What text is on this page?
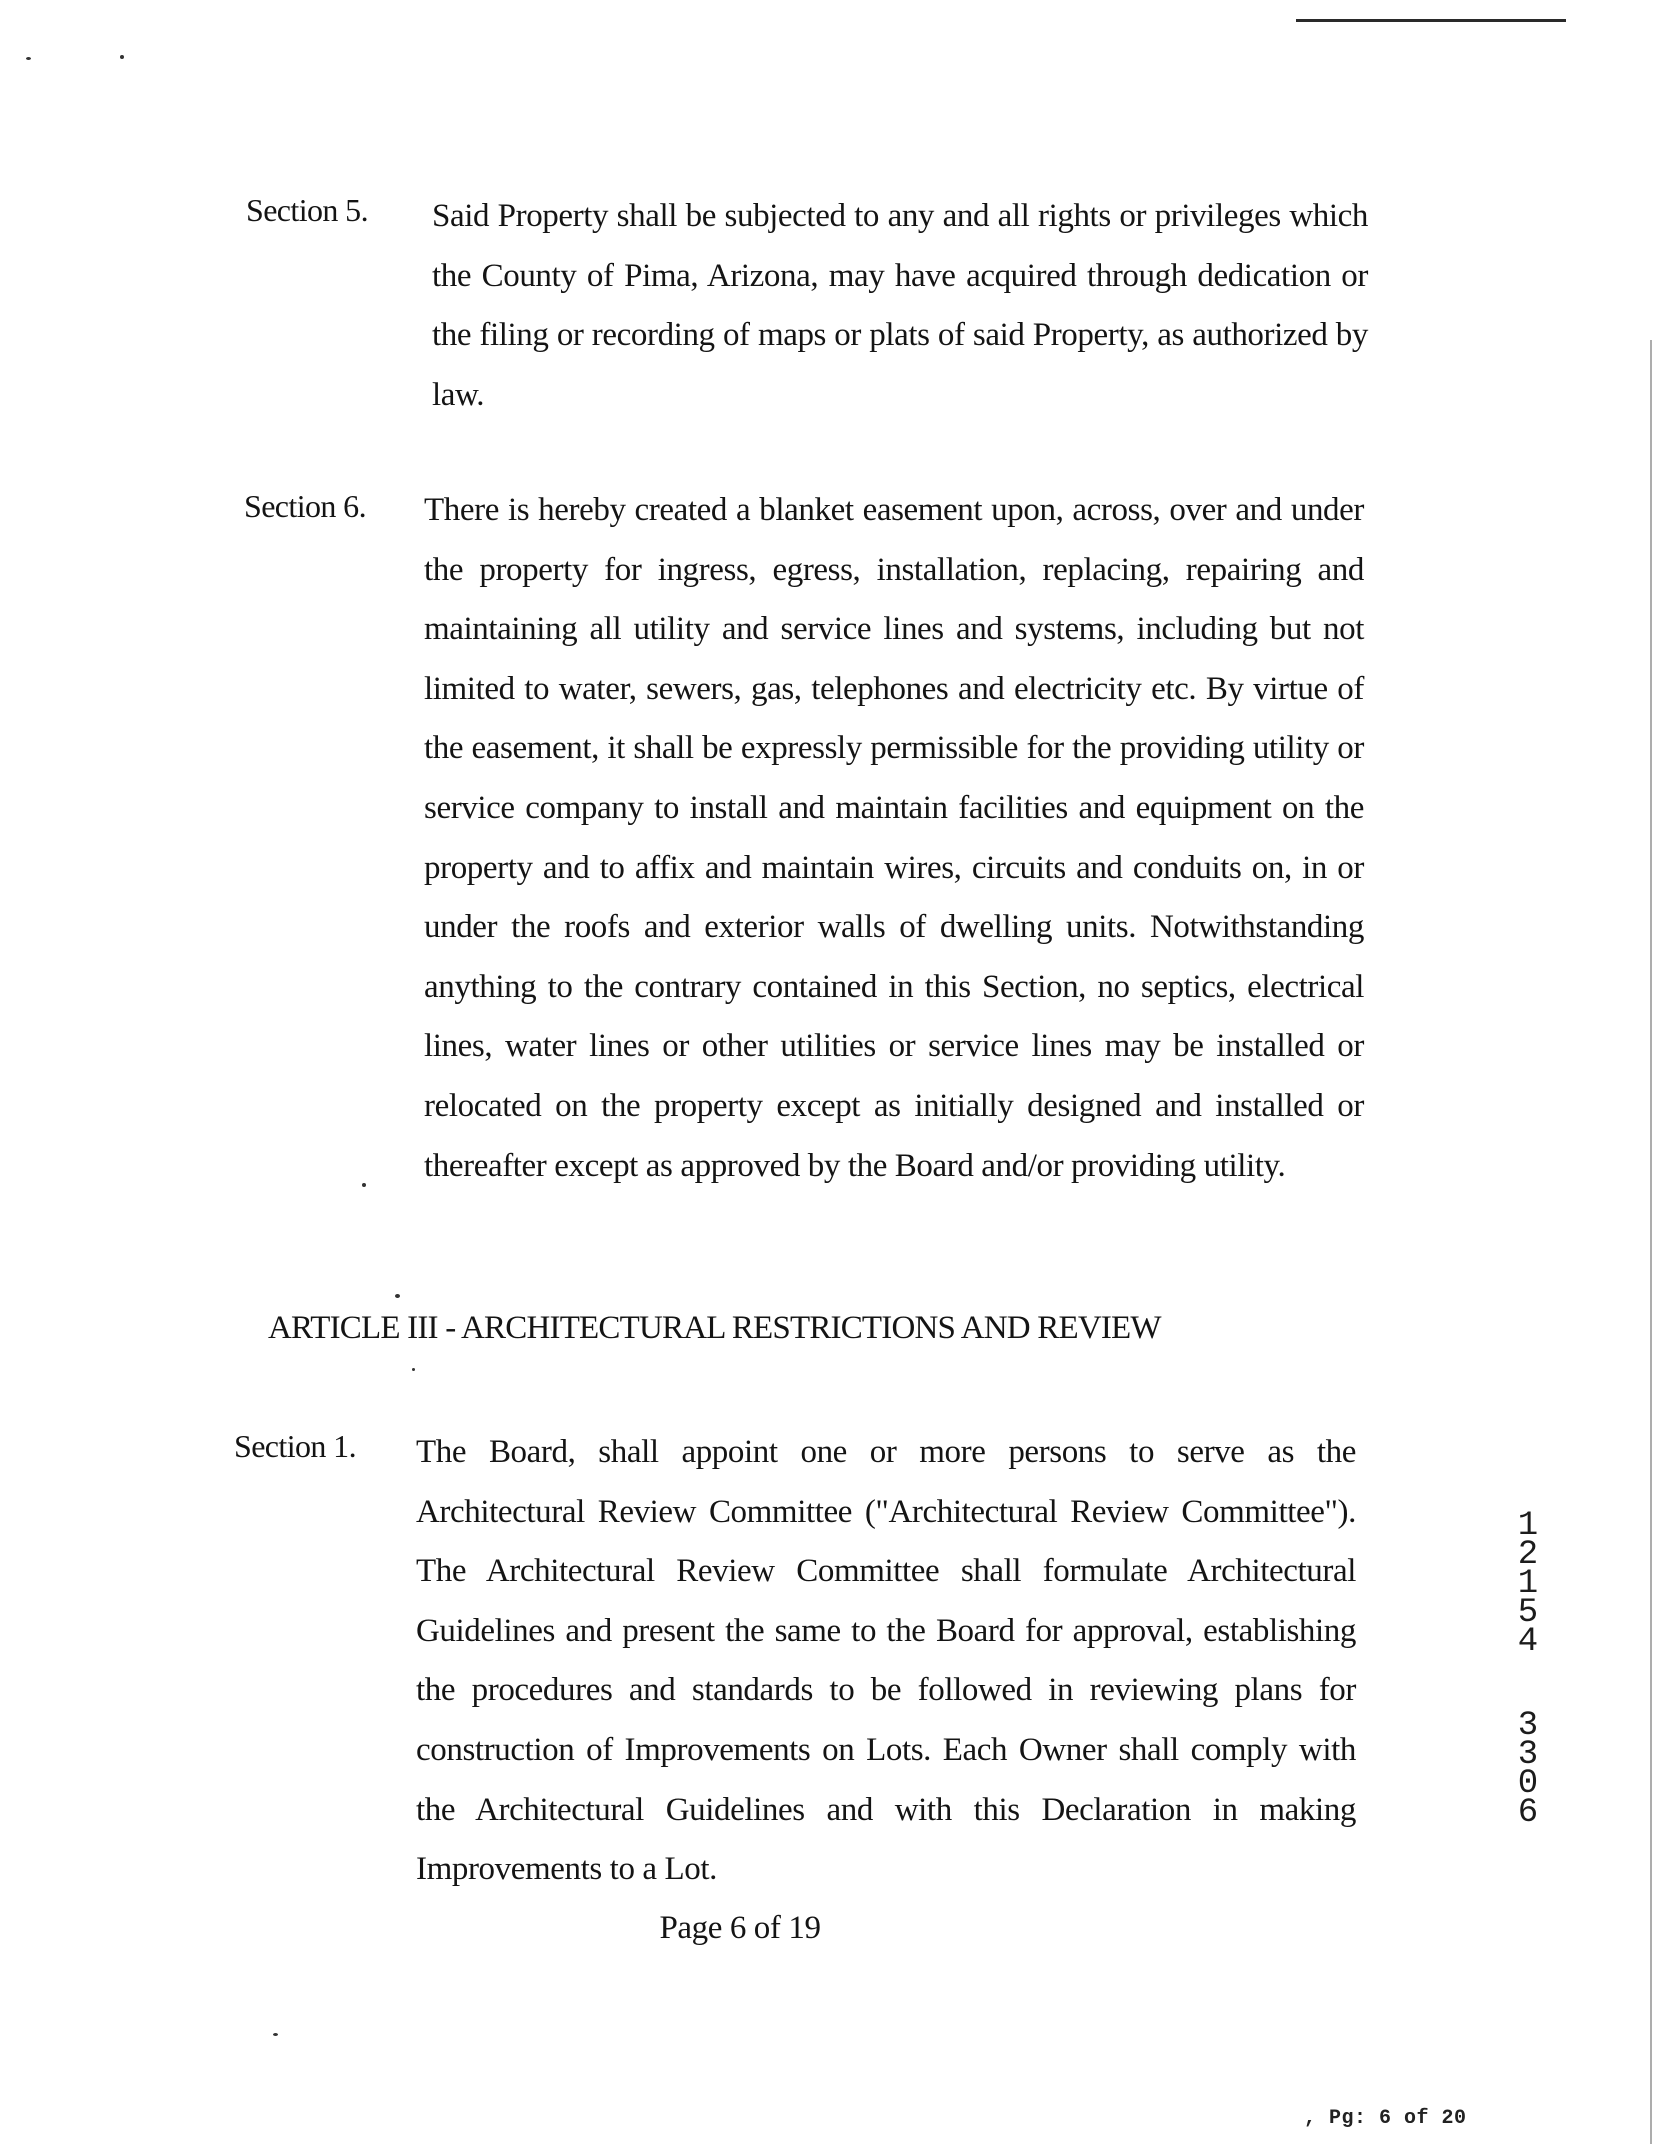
Section 5. Said Property shall be subjected to any and all rights or privileges which the County of Pima, Arizona, may have acquired through dedication or the filing or recording of maps or plats of said Property, as authorized by law.
Section 6. There is hereby created a blanket easement upon, across, over and under the property for ingress, egress, installation, replacing, repairing and maintaining all utility and service lines and systems, including but not limited to water, sewers, gas, telephones and electricity etc. By virtue of the easement, it shall be expressly permissible for the providing utility or service company to install and maintain facilities and equipment on the property and to affix and maintain wires, circuits and conduits on, in or under the roofs and exterior walls of dwelling units. Notwithstanding anything to the contrary contained in this Section, no septics, electrical lines, water lines or other utilities or service lines may be installed or relocated on the property except as initially designed and installed or thereafter except as approved by the Board and/or providing utility.
ARTICLE III - ARCHITECTURAL RESTRICTIONS AND REVIEW
Section 1. The Board, shall appoint one or more persons to serve as the Architectural Review Committee ("Architectural Review Committee"). The Architectural Review Committee shall formulate Architectural Guidelines and present the same to the Board for approval, establishing the procedures and standards to be followed in reviewing plans for construction of Improvements on Lots. Each Owner shall comply with the Architectural Guidelines and with this Declaration in making Improvements to a Lot.
Page 6 of 19
1
2
1
5
4
3
3
0
6
, Pg: 6 of 20
